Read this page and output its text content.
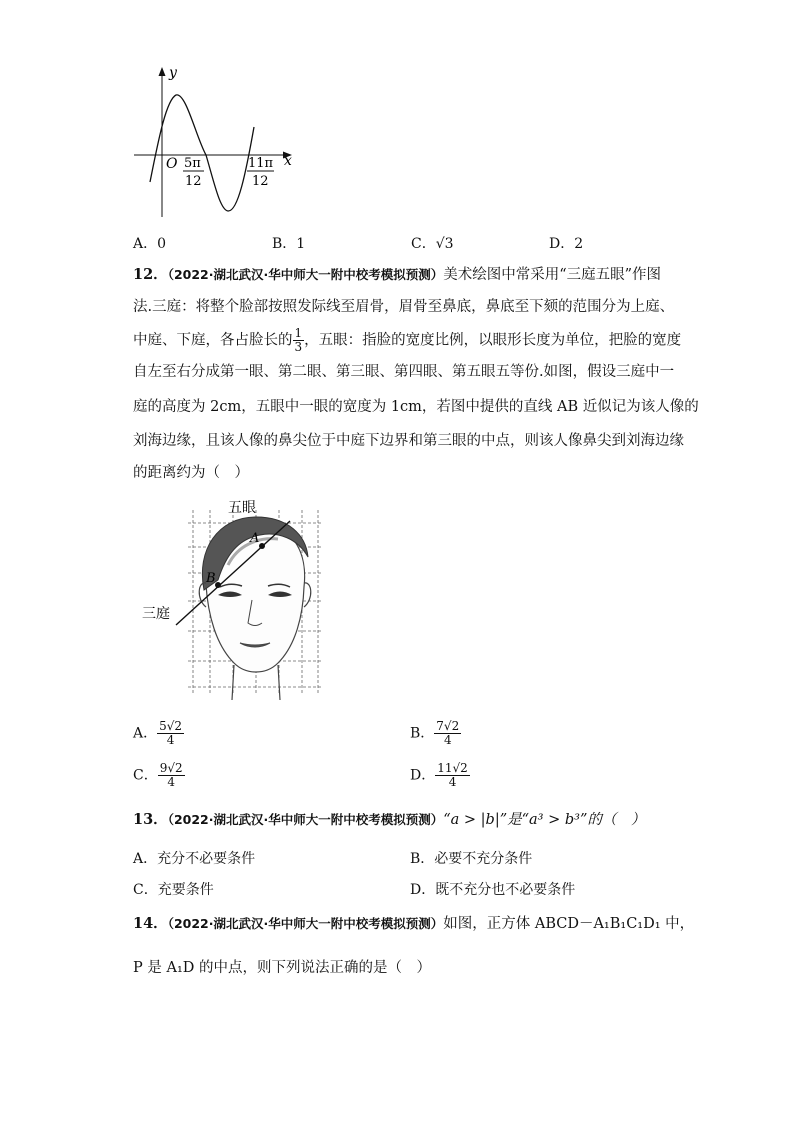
y
x
O 5π
12
11π
12
A．0	B．1	C．√3	D．2
12．（2022·湖北武汉·华中师大一附中校考模拟预测）美术绘图中常采用“三庭五眼”作图
法.三庭：将整个脸部按照发际线至眉骨，眉骨至鼻底，鼻底至下颏的范围分为上庭、
中庭、下庭，各占脸长的 $\frac{1}{3}$ ，五眼：指脸的宽度比例，以眼形长度为单位，把脸的宽度
自左至右分成第一眼、第二眼、第三眼、第四眼、第五眼五等份.如图，假设三庭中一
庭的高度为 2cm，五眼中一眼的宽度为 1cm，若图中提供的直线 AB 近似记为该人像的
刘海边缘，且该人像的鼻尖位于中庭下边界和第三眼的中点，则该人像鼻尖到刘海边缘
的距离约为（　）
A
B
五眼
三庭
A． $\frac{5√2}{4}$	B． $\frac{7√2}{4}$
C． $\frac{9√2}{4}$	D． $\frac{11√2}{4}$
13．（2022·湖北武汉·华中师大一附中校考模拟预测）“a > |b|”是“a³ > b³”的（　）
A．充分不必要条件	B．必要不充分条件
C．充要条件	D．既不充分也不必要条件
14．（2022·湖北武汉·华中师大一附中校考模拟预测）如图，正方体 ABCD－A₁B₁C₁D₁ 中，
P 是 A₁D 的中点，则下列说法正确的是（　）
